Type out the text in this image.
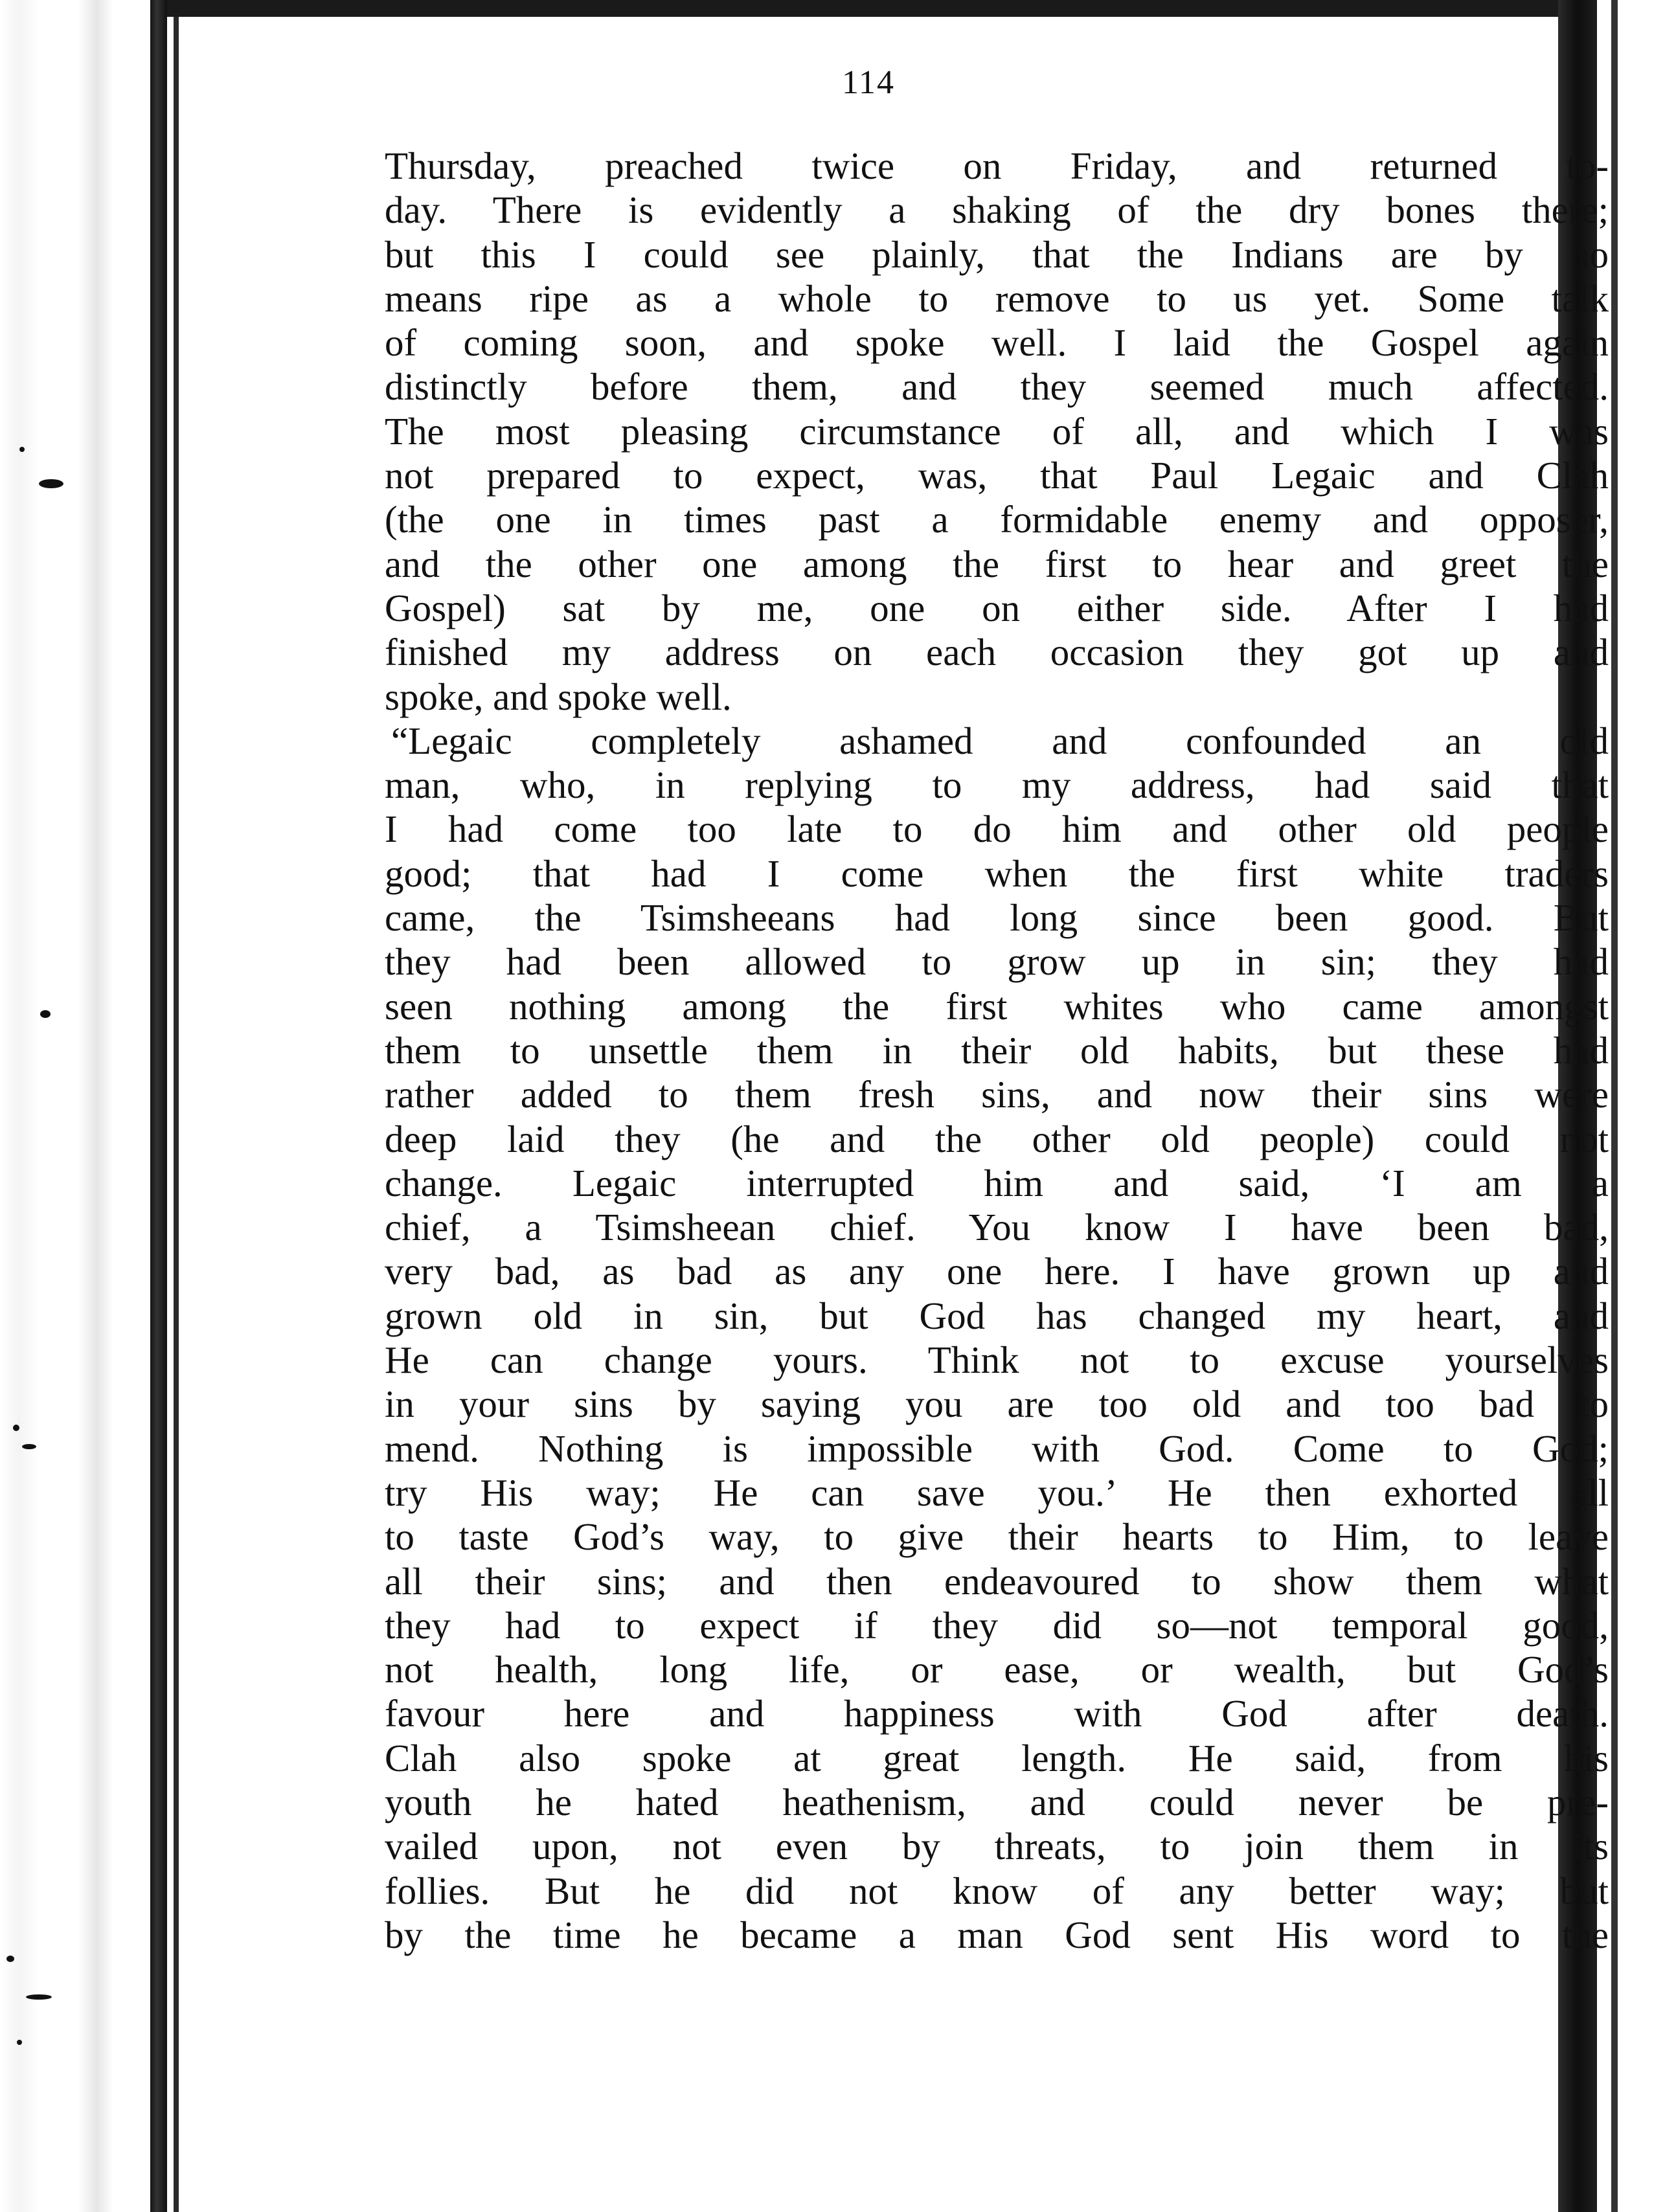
114
Thursday, preached twice on Friday, and returned to-
day. There is evidently a shaking of the dry bones there;
but this I could see plainly, that the Indians are by no
means ripe as a whole to remove to us yet. Some talk
of coming soon, and spoke well. I laid the Gospel again
distinctly before them, and they seemed much affected.
The most pleasing circumstance of all, and which I was
not prepared to expect, was, that Paul Legaic and Clah
(the one in times past a formidable enemy and opposer,
and the other one among the first to hear and greet the
Gospel) sat by me, one on either side. After I had
finished my address on each occasion they got up and
spoke, and spoke well.
“Legaic completely ashamed and confounded an old
man, who, in replying to my address, had said that
I had come too late to do him and other old people
good; that had I come when the first white traders
came, the Tsimsheeans had long since been good. But
they had been allowed to grow up in sin; they had
seen nothing among the first whites who came amongst
them to unsettle them in their old habits, but these had
rather added to them fresh sins, and now their sins were
deep laid they (he and the other old people) could not
change. Legaic interrupted him and said, ‘I am a
chief, a Tsimsheean chief. You know I have been bad,
very bad, as bad as any one here. I have grown up and
grown old in sin, but God has changed my heart, and
He can change yours. Think not to excuse yourselves
in your sins by saying you are too old and too bad to
mend. Nothing is impossible with God. Come to God;
try His way; He can save you.’ He then exhorted all
to taste God’s way, to give their hearts to Him, to leave
all their sins; and then endeavoured to show them what
they had to expect if they did so—not temporal good,
not health, long life, or ease, or wealth, but God’s
favour here and happiness with God after death.
Clah also spoke at great length. He said, from his
youth he hated heathenism, and could never be pre-
vailed upon, not even by threats, to join them in its
follies. But he did not know of any better way; but
by the time he became a man God sent His word to the
